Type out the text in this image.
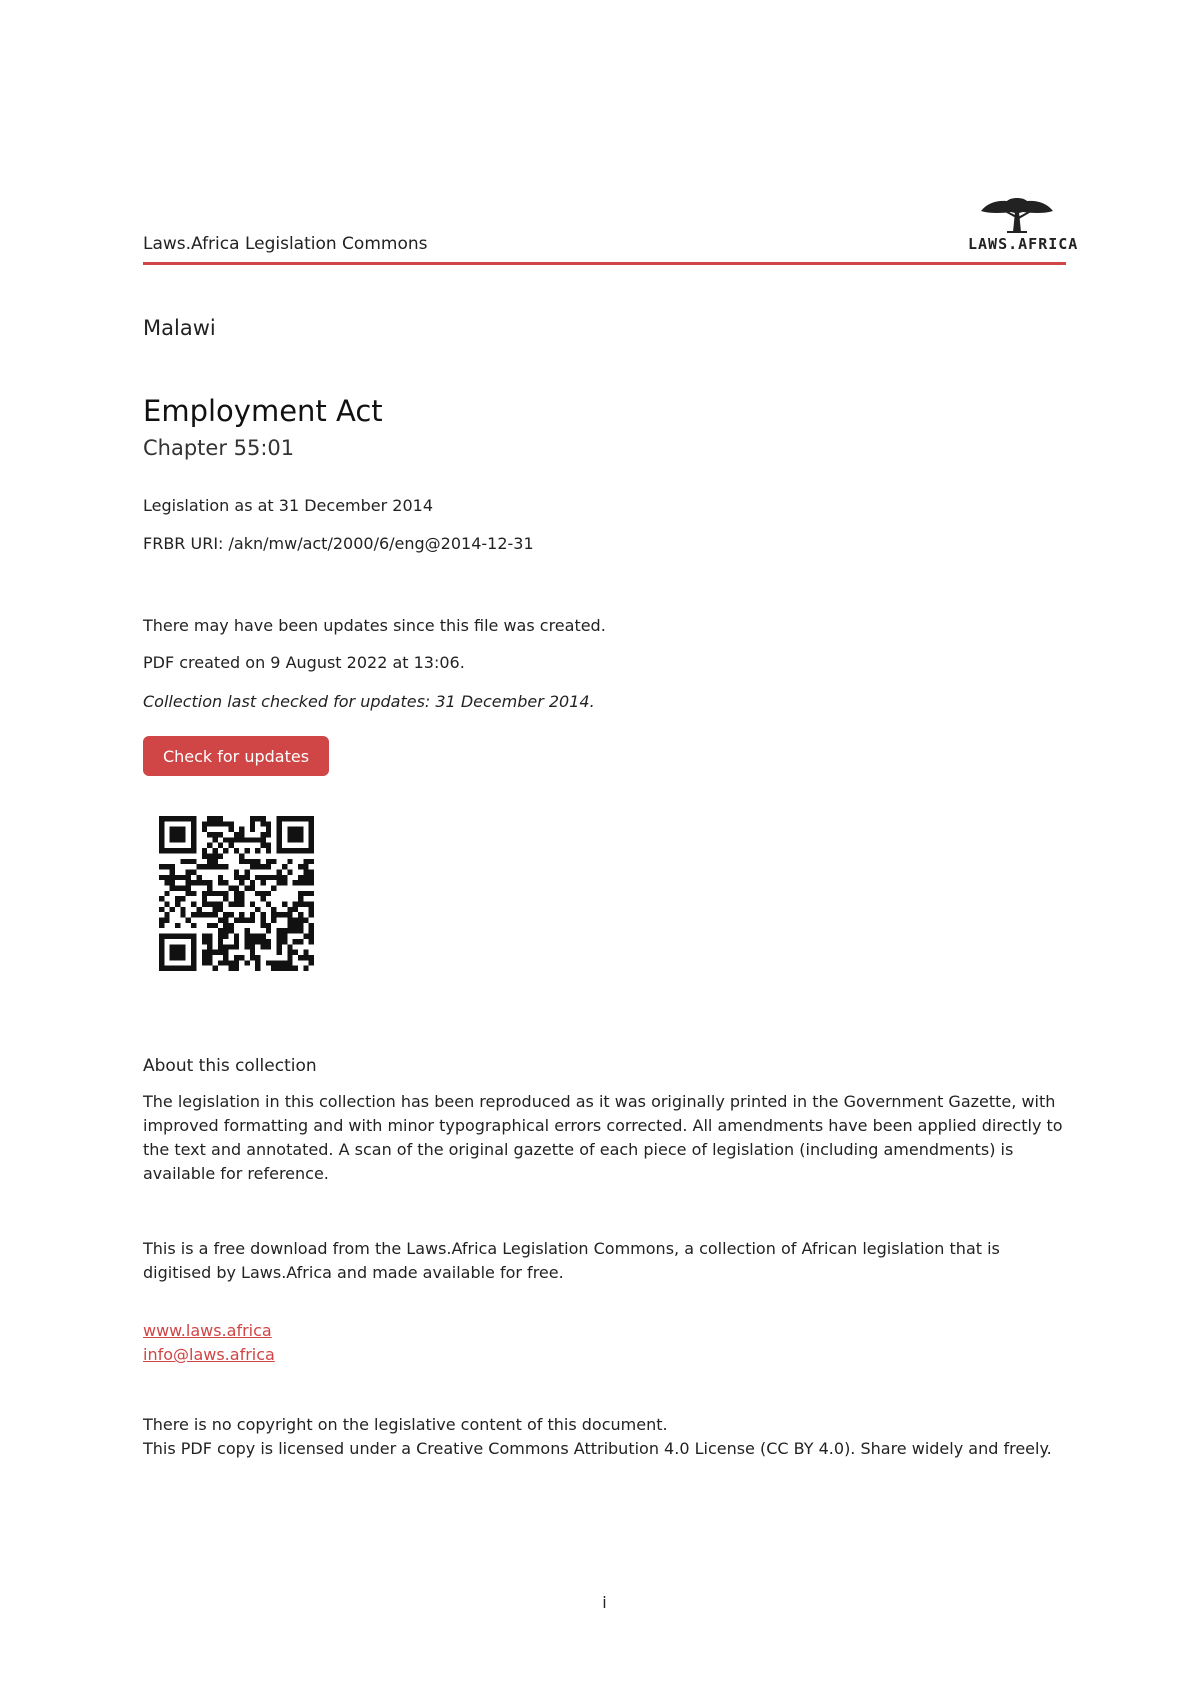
Laws.Africa Legislation Commons	LAWS.AFRICA
Malawi
Employment Act
Chapter 55:01
Legislation as at 31 December 2014
FRBR URI: /akn/mw/act/2000/6/eng@2014-12-31
There may have been updates since this file was created.
PDF created on 9 August 2022 at 13:06.
Collection last checked for updates: 31 December 2014.
Check for updates
About this collection

The legislation in this collection has been reproduced as it was originally printed in the Government Gazette, with improved formatting and with minor typographical errors corrected. All amendments have been applied directly to the text and annotated. A scan of the original gazette of each piece of legislation (including amendments) is available for reference.

This is a free download from the Laws.Africa Legislation Commons, a collection of African legislation that is digitised by Laws.Africa and made available for free.

www.laws.africa
info@laws.africa

There is no copyright on the legislative content of this document.

This PDF copy is licensed under a Creative Commons Attribution 4.0 License (CC BY 4.0). Share widely and freely.

i
